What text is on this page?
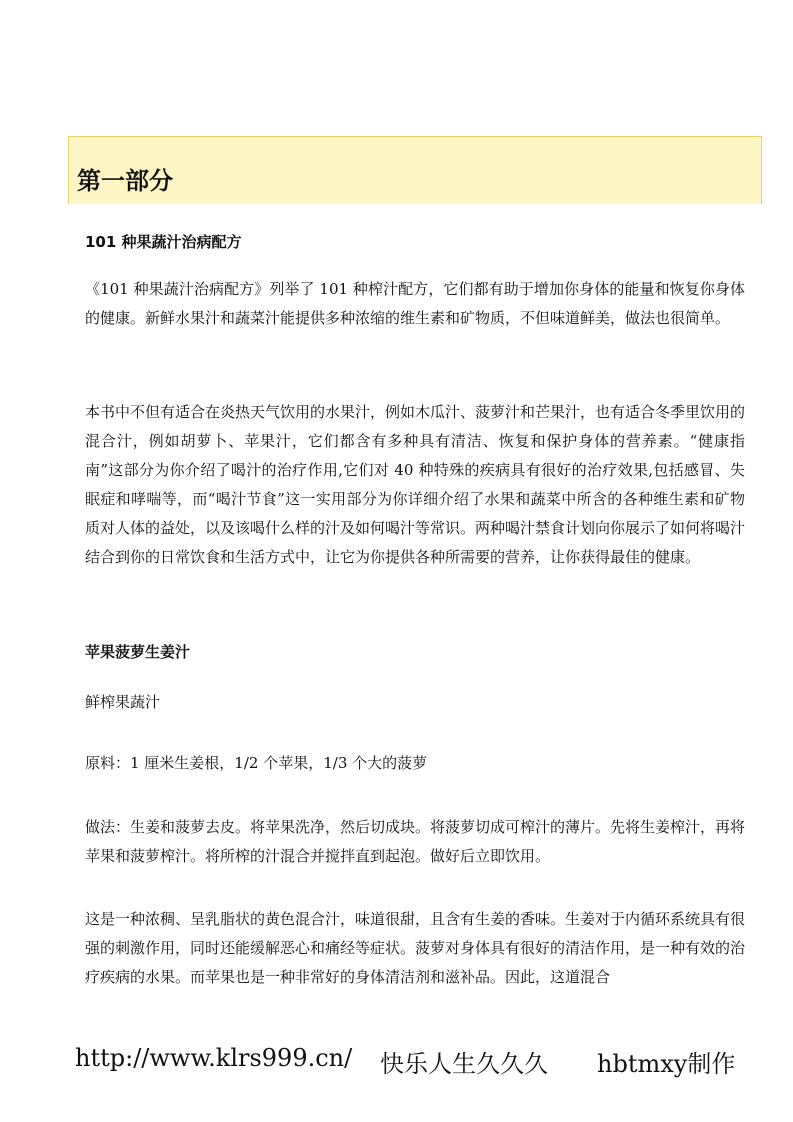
第一部分
101 种果蔬汁治病配方

《101 种果蔬汁治病配方》列举了 101 种榨汁配方，它们都有助于增加你身体的能量和恢复你身体的健康。新鲜水果汁和蔬菜汁能提供多种浓缩的维生素和矿物质，不但味道鲜美，做法也很简单。

本书中不但有适合在炎热天气饮用的水果汁，例如木瓜汁、菠萝汁和芒果汁，也有适合冬季里饮用的混合汁，例如胡萝卜、苹果汁，它们都含有多种具有清洁、恢复和保护身体的营养素。“健康指南”这部分为你介绍了喝汁的治疗作用,它们对 40 种特殊的疾病具有很好的治疗效果,包括感冒、失眠症和哮喘等，而“喝汁节食”这一实用部分为你详细介绍了水果和蔬菜中所含的各种维生素和矿物质对人体的益处，以及该喝什么样的汁及如何喝汁等常识。两种喝汁禁食计划向你展示了如何将喝汁结合到你的日常饮食和生活方式中，让它为你提供各种所需要的营养，让你获得最佳的健康。

苹果菠萝生姜汁
鲜榨果蔬汁
原料：1 厘米生姜根，1/2 个苹果，1/3 个大的菠萝

做法：生姜和菠萝去皮。将苹果洗净，然后切成块。将菠萝切成可榨汁的薄片。先将生姜榨汁，再将苹果和菠萝榨汁。将所榨的汁混合并搅拌直到起泡。做好后立即饮用。

这是一种浓稠、呈乳脂状的黄色混合汁，味道很甜，且含有生姜的香味。生姜对于内循环系统具有很强的刺激作用，同时还能缓解恶心和痛经等症状。菠萝对身体具有很好的清洁作用，是一种有效的治疗疾病的水果。而苹果也是一种非常好的身体清洁剂和滋补品。因此，这道混合

http://www.klrs999.cn/ 快乐人生久久久 hbtmxy制作
